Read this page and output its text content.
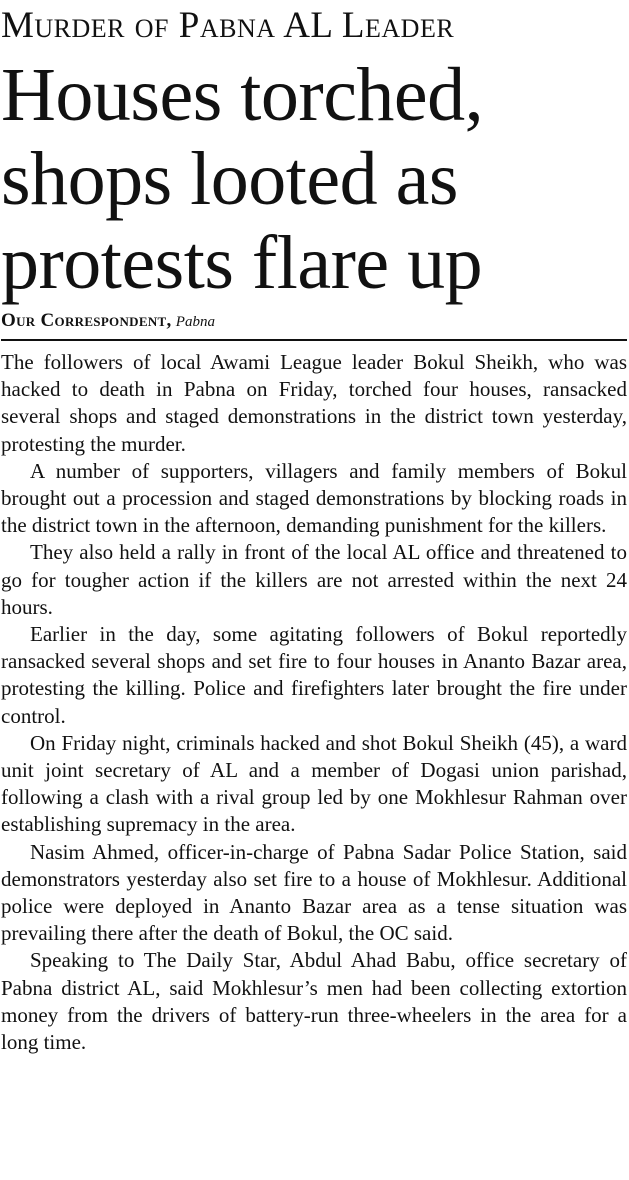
Murder of Pabna AL Leader
Houses torched, shops looted as protests flare up
Our Correspondent, Pabna

The followers of local Awami League leader Bokul Sheikh, who was hacked to death in Pabna on Friday, torched four houses, ransacked several shops and staged demonstrations in the district town yesterday, protesting the murder.

A number of supporters, villagers and family members of Bokul brought out a procession and staged demonstrations by blocking roads in the district town in the afternoon, demanding punishment for the killers.

They also held a rally in front of the local AL office and threatened to go for tougher action if the killers are not arrested within the next 24 hours.

Earlier in the day, some agitating followers of Bokul reportedly ransacked several shops and set fire to four houses in Ananto Bazar area, protesting the killing. Police and firefighters later brought the fire under control.

On Friday night, criminals hacked and shot Bokul Sheikh (45), a ward unit joint secretary of AL and a member of Dogasi union parishad, following a clash with a rival group led by one Mokhlesur Rahman over establishing supremacy in the area.

Nasim Ahmed, officer-in-charge of Pabna Sadar Police Station, said demonstrators yesterday also set fire to a house of Mokhlesur. Additional police were deployed in Ananto Bazar area as a tense situation was prevailing there after the death of Bokul, the OC said.

Speaking to The Daily Star, Abdul Ahad Babu, office secretary of Pabna district AL, said Mokhlesur’s men had been collecting extortion money from the drivers of battery-run three-wheelers in the area for a long time.
